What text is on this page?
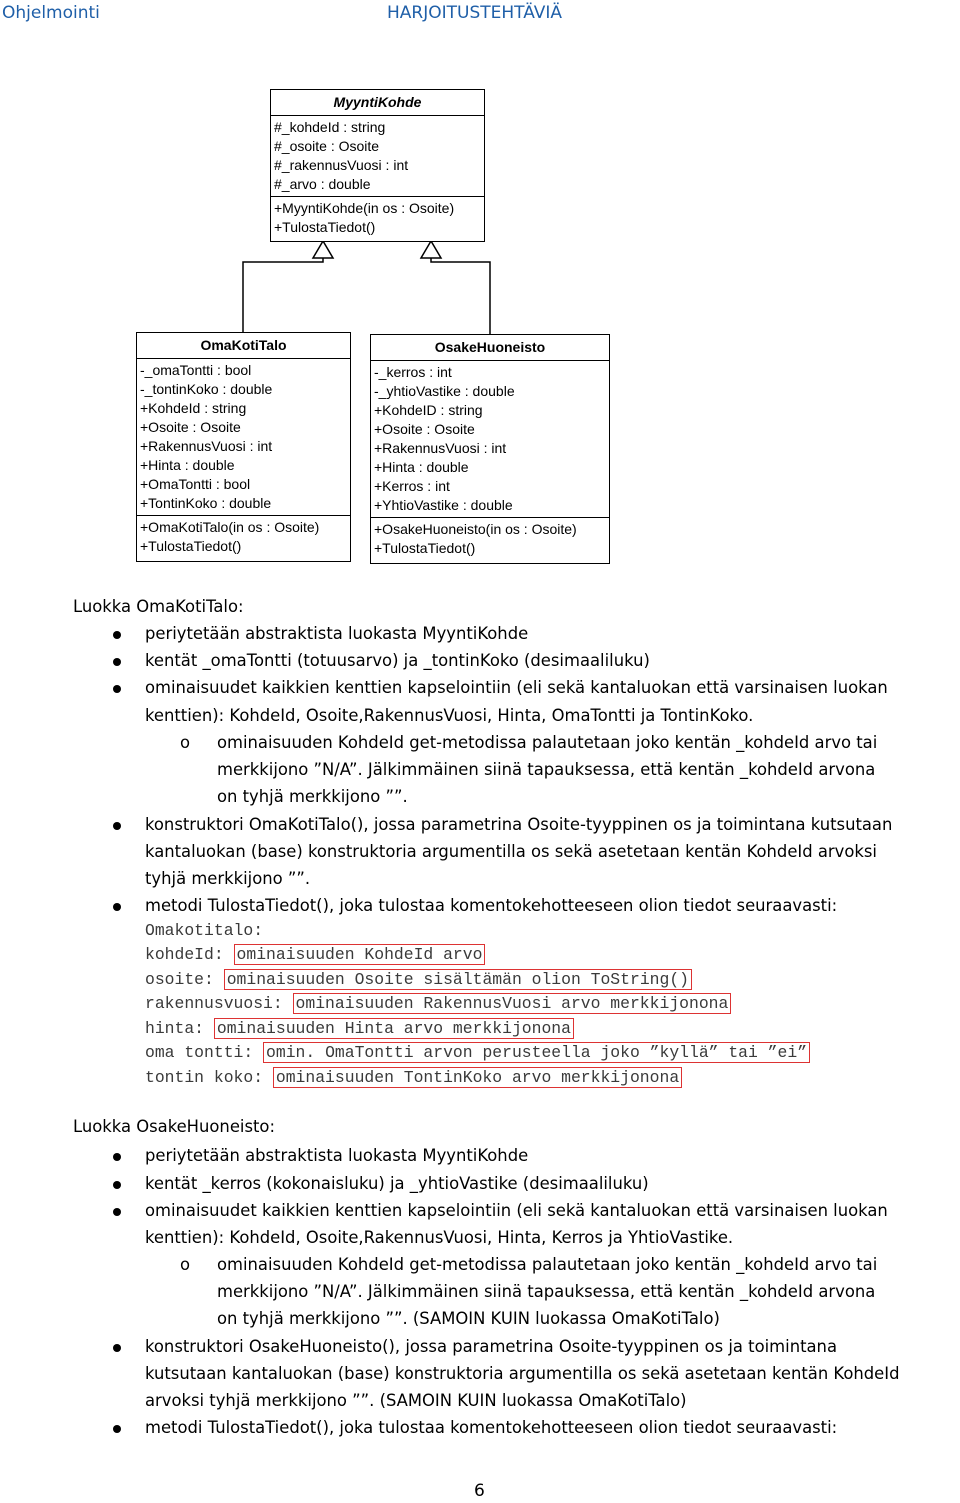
Ohjelmointi	HARJOITUSTEHTÄVIÄ
MyyntiKohde
#_kohdeId : string
#_osoite : Osoite
#_rakennusVuosi : int
#_arvo : double
+MyyntiKohde(in os : Osoite)
+TulostaTiedot()
OmaKotiTalo
-_omaTontti : bool
-_tontinKoko : double
+KohdeId : string
+Osoite : Osoite
+RakennusVuosi : int
+Hinta : double
+OmaTontti : bool
+TontinKoko : double
+OmaKotiTalo(in os : Osoite)
+TulostaTiedot()
OsakeHuoneisto
-_kerros : int
-_yhtioVastike : double
+KohdeID : string
+Osoite : Osoite
+RakennusVuosi : int
+Hinta : double
+Kerros : int
+YhtioVastike : double
+OsakeHuoneisto(in os : Osoite)
+TulostaTiedot()
Luokka OmaKotiTalo:
periytetään abstraktista luokasta MyyntiKohde
kentät _omaTontti (totuusarvo) ja _tontinKoko (desimaaliluku)
ominaisuudet kaikkien kenttien kapselointiin (eli sekä kantaluokan että varsinaisen luokan
kenttien): KohdeId, Osoite,RakennusVuosi, Hinta, OmaTontti ja TontinKoko.
o ominaisuuden KohdeId get-metodissa palautetaan joko kentän _kohdeId arvo tai
merkkijono ”N/A”. Jälkimmäinen siinä tapauksessa, että kentän _kohdeId arvona
on tyhjä merkkijono ””.
konstruktori OmaKotiTalo(), jossa parametrina Osoite-tyyppinen os ja toimintana kutsutaan
kantaluokan (base) konstruktoria argumentilla os sekä asetetaan kentän KohdeId arvoksi
tyhjä merkkijono ””.
metodi TulostaTiedot(), joka tulostaa komentokehotteeseen olion tiedot seuraavasti:
Omakotitalo:
kohdeId: ominaisuuden KohdeId arvo
osoite: ominaisuuden Osoite sisältämän olion ToString()
rakennusvuosi: ominaisuuden RakennusVuosi arvo merkkijonona
hinta: ominaisuuden Hinta arvo merkkijonona
oma tontti: omin. OmaTontti arvon perusteella joko ”kyllä” tai ”ei”
tontin koko: ominaisuuden TontinKoko arvo merkkijonona
Luokka OsakeHuoneisto:
periytetään abstraktista luokasta MyyntiKohde
kentät _kerros (kokonaisluku) ja _yhtioVastike (desimaaliluku)
ominaisuudet kaikkien kenttien kapselointiin (eli sekä kantaluokan että varsinaisen luokan
kenttien): KohdeId, Osoite,RakennusVuosi, Hinta, Kerros ja YhtioVastike.
o ominaisuuden KohdeId get-metodissa palautetaan joko kentän _kohdeId arvo tai
merkkijono ”N/A”. Jälkimmäinen siinä tapauksessa, että kentän _kohdeId arvona
on tyhjä merkkijono ””. (SAMOIN KUIN luokassa OmaKotiTalo)
konstruktori OsakeHuoneisto(), jossa parametrina Osoite-tyyppinen os ja toimintana
kutsutaan kantaluokan (base) konstruktoria argumentilla os sekä asetetaan kentän KohdeId
arvoksi tyhjä merkkijono ””. (SAMOIN KUIN luokassa OmaKotiTalo)
metodi TulostaTiedot(), joka tulostaa komentokehotteeseen olion tiedot seuraavasti:
6
